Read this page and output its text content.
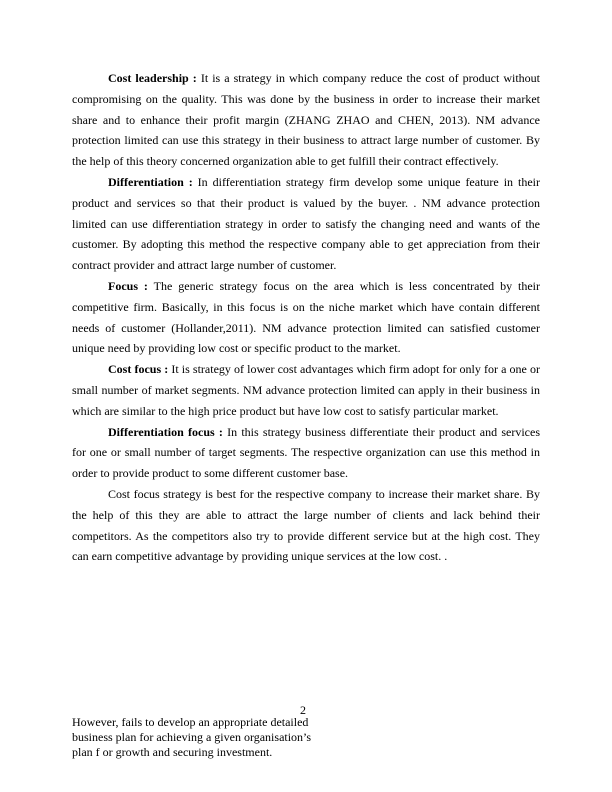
Cost leadership : It is a strategy in which company reduce the cost of product without compromising on the quality. This was done by the business in order to increase their market share and to enhance their profit margin (ZHANG ZHAO and CHEN, 2013). NM advance protection limited can use this strategy in their business to attract large number of customer. By the help of this theory concerned organization able to get fulfill their contract effectively.

Differentiation : In differentiation strategy firm develop some unique feature in their product and services so that their product is valued by the buyer. . NM advance protection limited can use differentiation strategy in order to satisfy the changing need and wants of the customer. By adopting this method the respective company able to get appreciation from their contract provider and attract large number of customer.

Focus : The generic strategy focus on the area which is less concentrated by their competitive firm. Basically, in this focus is on the niche market which have contain different needs of customer (Hollander,2011). NM advance protection limited can satisfied customer unique need by providing low cost or specific product to the market.

Cost focus : It is strategy of lower cost advantages which firm adopt for only for a one or small number of market segments. NM advance protection limited can apply in their business in which are similar to the high price product but have low cost to satisfy particular market.

Differentiation focus : In this strategy business differentiate their product and services for one or small number of target segments. The respective organization can use this method in order to provide product to some different customer base.

Cost focus strategy is best for the respective company to increase their market share. By the help of this they are able to attract the large number of clients and lack behind their competitors. As the competitors also try to provide different service but at the high cost. They can earn competitive advantage by providing unique services at the low cost. .

2
However, fails to develop an appropriate detailed business plan for achieving a given organisation’s plan f or growth and securing investment.
